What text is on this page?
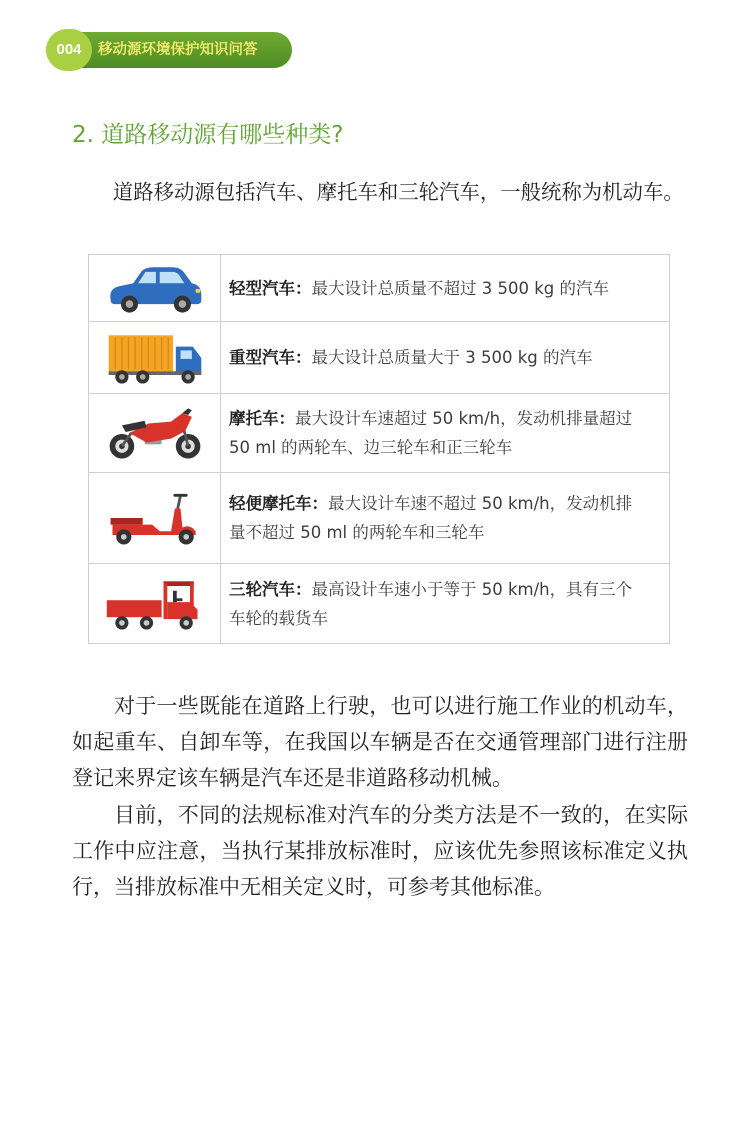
004	移动源环境保护知识问答
2. 道路移动源有哪些种类?
道路移动源包括汽车、摩托车和三轮汽车，一般统称为机动车。
轻型汽车：最大设计总质量不超过 3 500 kg 的汽车
重型汽车：最大设计总质量大于 3 500 kg 的汽车
摩托车：最大设计车速超过 50 km/h，发动机排量超过
50 ml 的两轮车、边三轮车和正三轮车
轻便摩托车：最大设计车速不超过 50 km/h，发动机排
量不超过 50 ml 的两轮车和三轮车
三轮汽车：最高设计车速小于等于 50 km/h，具有三个
车轮的载货车
对于一些既能在道路上行驶，也可以进行施工作业的机动车，
如起重车、自卸车等，在我国以车辆是否在交通管理部门进行注册
登记来界定该车辆是汽车还是非道路移动机械。
目前，不同的法规标准对汽车的分类方法是不一致的，在实际
工作中应注意，当执行某排放标准时，应该优先参照该标准定义执
行，当排放标准中无相关定义时，可参考其他标准。
